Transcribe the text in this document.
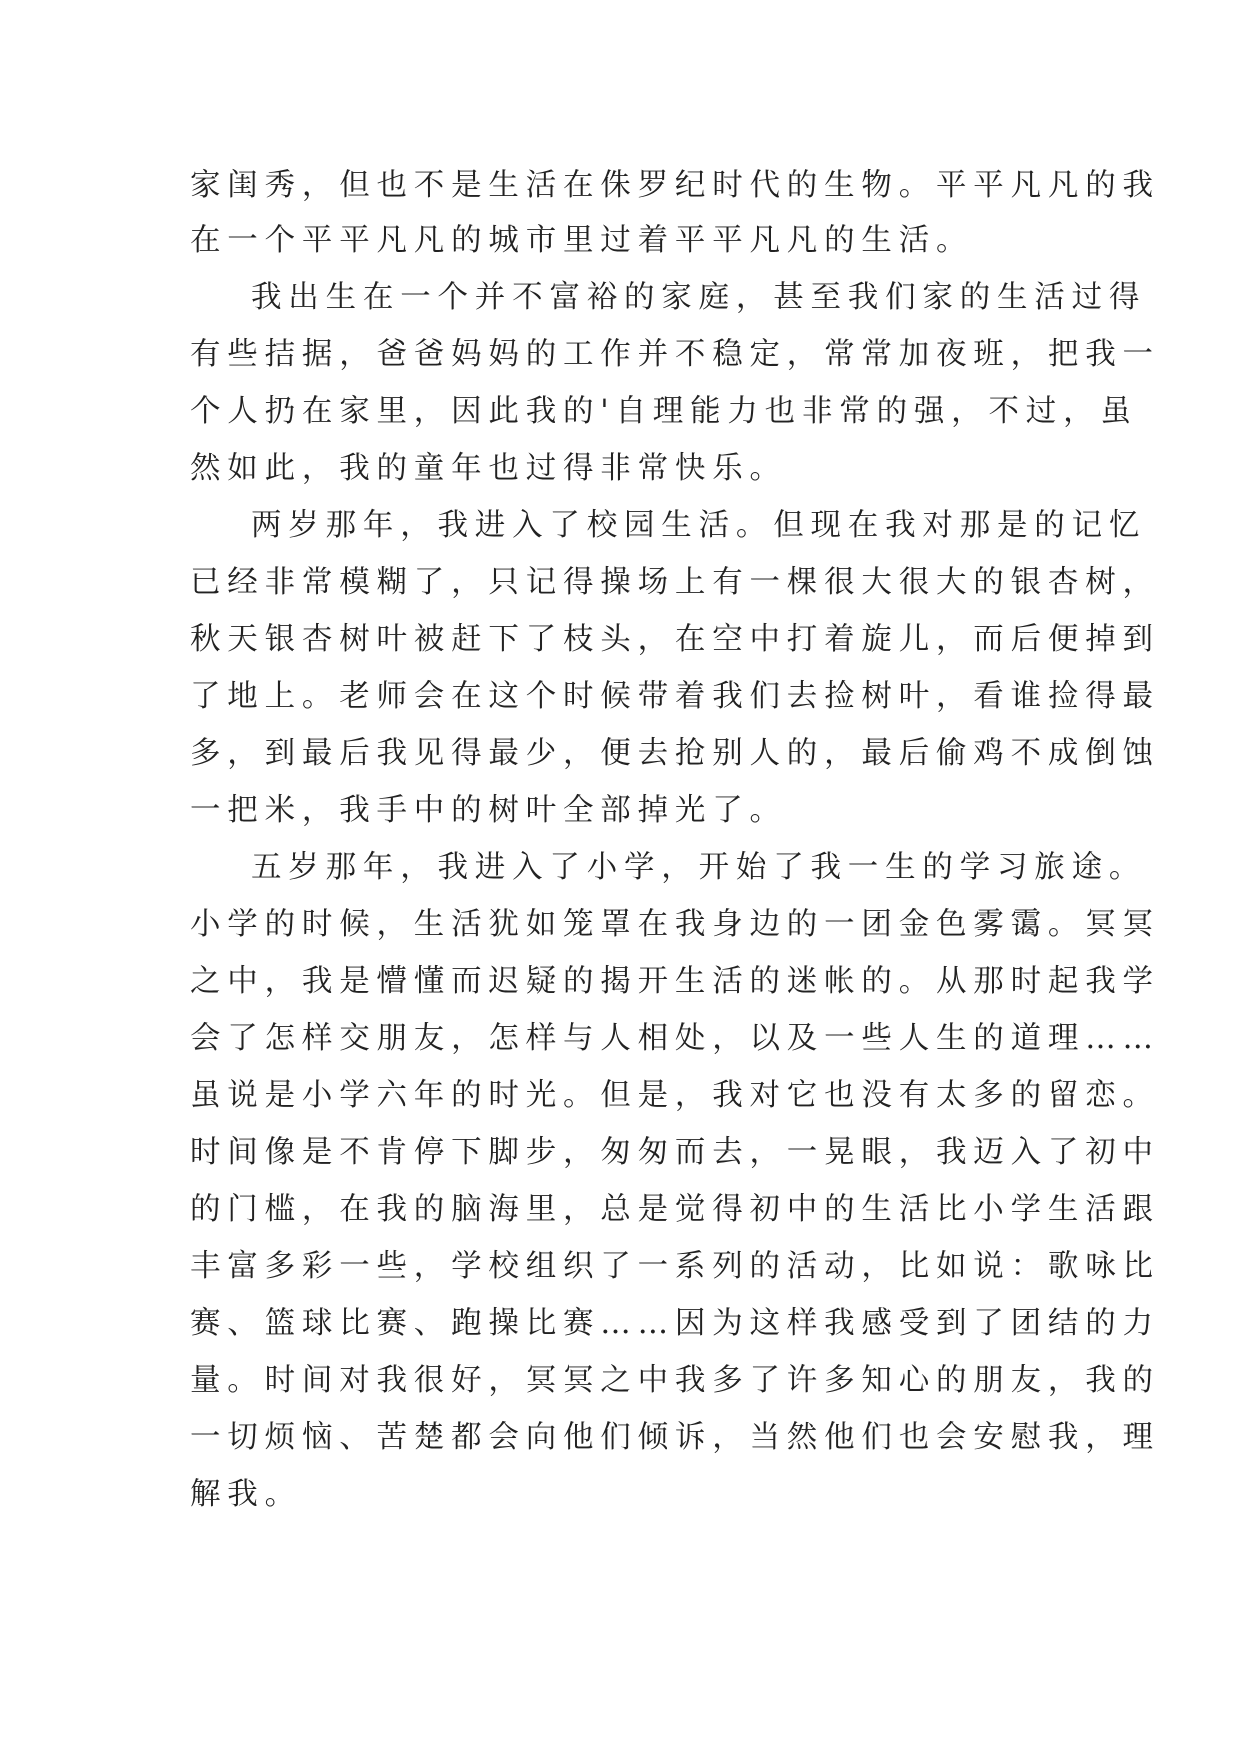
家闺秀，但也不是生活在侏罗纪时代的生物。平平凡凡的我

在一个平平凡凡的城市里过着平平凡凡的生活。

我出生在一个并不富裕的家庭，甚至我们家的生活过得

有些拮据，爸爸妈妈的工作并不稳定，常常加夜班，把我一

个人扔在家里，因此我的'自理能力也非常的强，不过，虽

然如此，我的童年也过得非常快乐。

两岁那年，我进入了校园生活。但现在我对那是的记忆

已经非常模糊了，只记得操场上有一棵很大很大的银杏树，

秋天银杏树叶被赶下了枝头，在空中打着旋儿，而后便掉到

了地上。老师会在这个时候带着我们去捡树叶，看谁捡得最

多，到最后我见得最少，便去抢别人的，最后偷鸡不成倒蚀

一把米，我手中的树叶全部掉光了。

五岁那年，我进入了小学，开始了我一生的学习旅途。

小学的时候，生活犹如笼罩在我身边的一团金色雾霭。冥冥

之中，我是懵懂而迟疑的揭开生活的迷帐的。从那时起我学

会了怎样交朋友，怎样与人相处，以及一些人生的道理……

虽说是小学六年的时光。但是，我对它也没有太多的留恋。

时间像是不肯停下脚步，匆匆而去，一晃眼，我迈入了初中

的门槛，在我的脑海里，总是觉得初中的生活比小学生活跟

丰富多彩一些，学校组织了一系列的活动，比如说：歌咏比

赛、篮球比赛、跑操比赛……因为这样我感受到了团结的力

量。时间对我很好，冥冥之中我多了许多知心的朋友，我的

一切烦恼、苦楚都会向他们倾诉，当然他们也会安慰我，理

解我。
